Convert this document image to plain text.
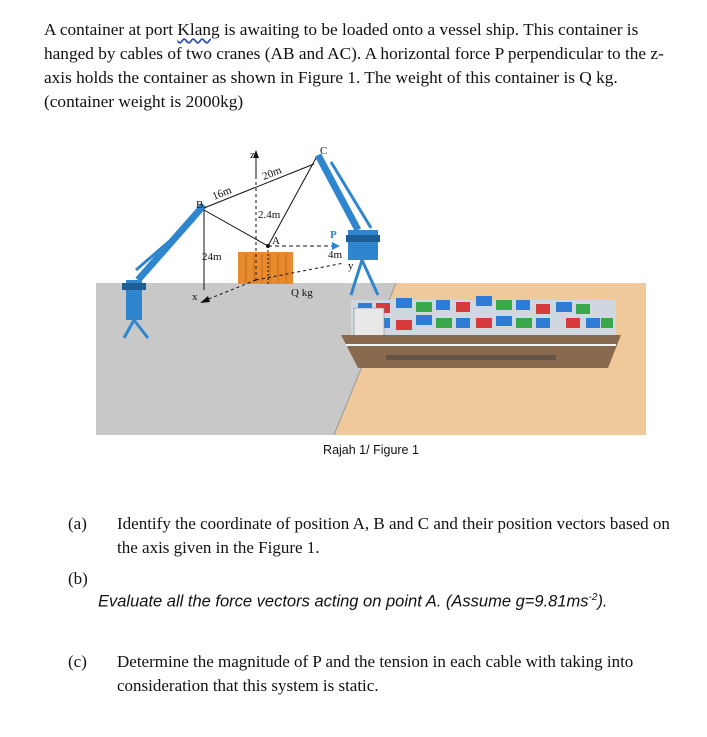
A container at port Klang is awaiting to be loaded onto a vessel ship. This container is hanged by cables of two cranes (AB and AC). A horizontal force P perpendicular to the z-axis holds the container as shown in Figure 1. The weight of this container is Q kg. (container weight is 2000kg)
z
B
C
A	P
x
y
16m
20m
2.4m
24m	4m
Q kg
Rajah 1/ Figure 1
(a) Identify the coordinate of position A, B and C and their position vectors based on the axis given in the Figure 1.
(b)
Evaluate all the force vectors acting on point A. (Assume $g=9.81ms^{-2}$).
(c) Determine the magnitude of P and the tension in each cable with taking into consideration that this system is static.
